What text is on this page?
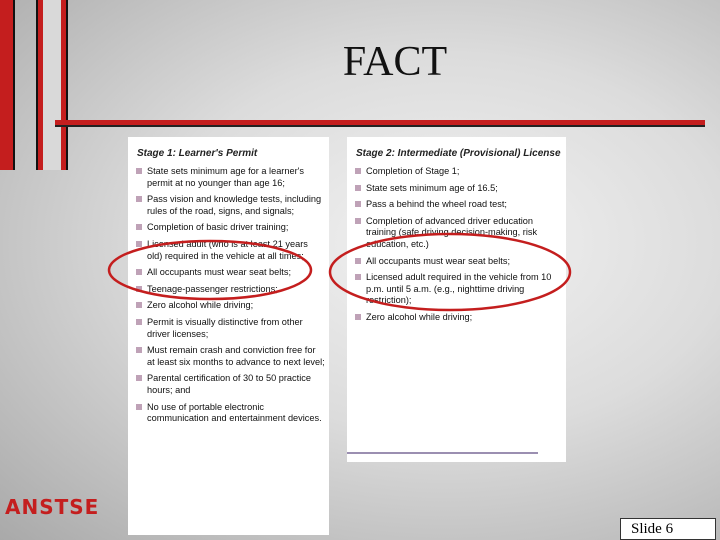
FACT
Stage 1: Learner's Permit
State sets minimum age for a learner's permit at no younger than age 16;
Pass vision and knowledge tests, including rules of the road, signs, and signals;
Completion of basic driver training;
Licensed adult (who is at least 21 years old) required in the vehicle at all times;
All occupants must wear seat belts;
Teenage-passenger restrictions;
Zero alcohol while driving;
Permit is visually distinctive from other driver licenses;
Must remain crash and conviction free for at least six months to advance to next level;
Parental certification of 30 to 50 practice hours; and
No use of portable electronic communication and entertainment devices.
Stage 2: Intermediate (Provisional) License
Completion of Stage 1;
State sets minimum age of 16.5;
Pass a behind the wheel road test;
Completion of advanced driver education training (safe driving decision-making, risk education, etc.)
All occupants must wear seat belts;
Licensed adult required in the vehicle from 10 p.m. until 5 a.m. (e.g., nighttime driving restriction);
Zero alcohol while driving;
ANSTSE
Slide 6
